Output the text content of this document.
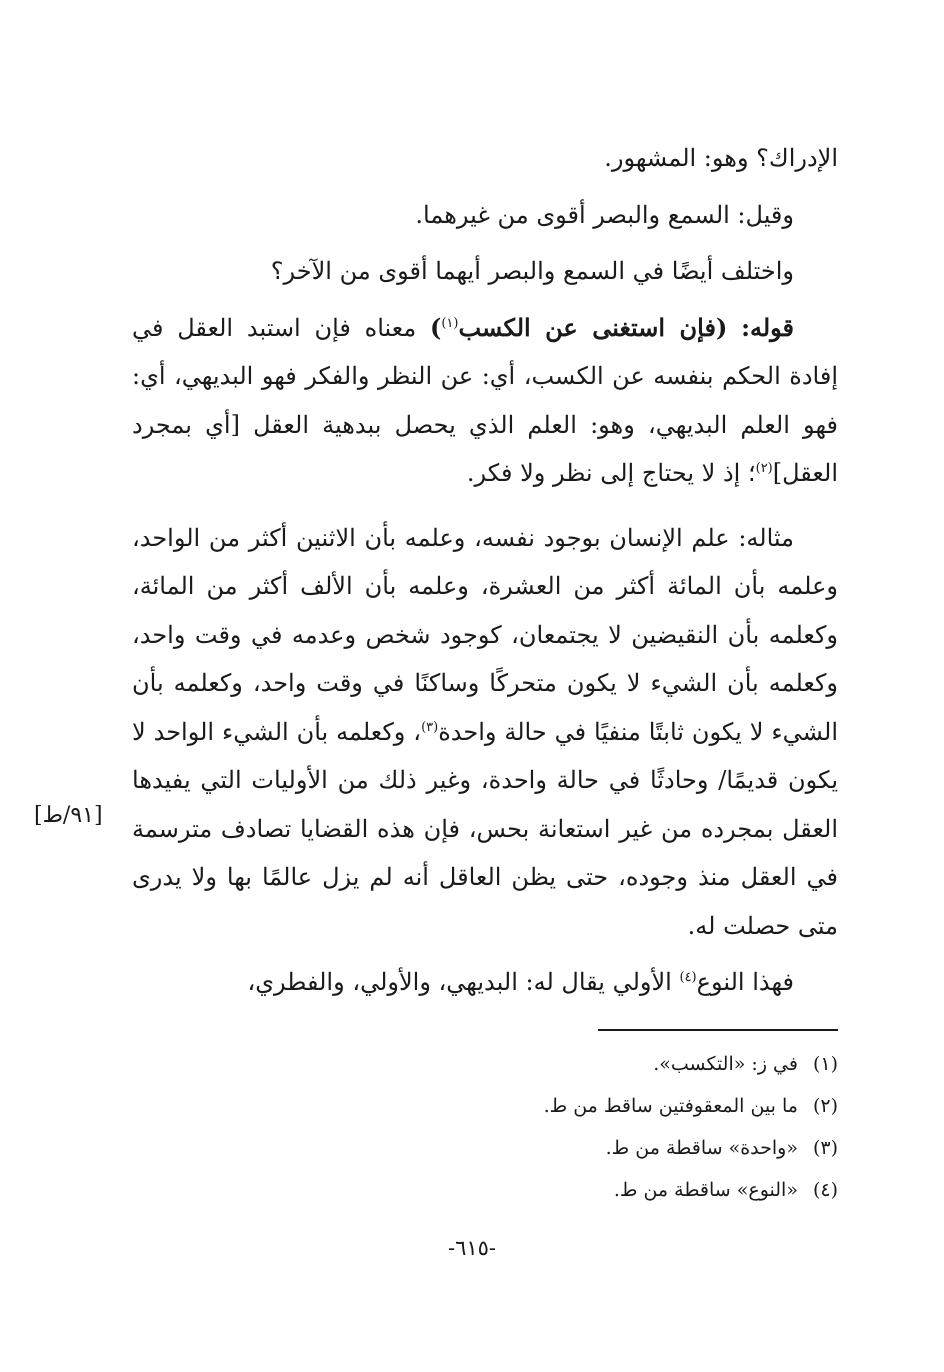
الإدراك؟ وهو: المشهور.

وقيل: السمع والبصر أقوى من غيرهما.

واختلف أيضًا في السمع والبصر أيهما أقوى من الآخر؟

قوله: (فإن استغنى عن الكسب$^{(١)}$) معناه فإن استبد العقل في إفادة الحكم بنفسه عن الكسب، أي: عن النظر والفكر فهو البديهي، أي: فهو العلم البديهي، وهو: العلم الذي يحصل ببدهية العقل [أي بمجرد العقل]$^{(٢)}$؛ إذ لا يحتاج إلى نظر ولا فكر.

مثاله: علم الإنسان بوجود نفسه، وعلمه بأن الاثنين أكثر من الواحد، وعلمه بأن المائة أكثر من العشرة، وعلمه بأن الألف أكثر من المائة، وكعلمه بأن النقيضين لا يجتمعان، كوجود شخص وعدمه في وقت واحد، وكعلمه بأن الشيء لا يكون متحركًا وساكنًا في وقت واحد، وكعلمه بأن الشيء لا يكون ثابتًا منفيًا في حالة واحدة$^{(٣)}$، وكعلمه بأن الشيء الواحد لا يكون قديمًا/ وحادثًا في حالة واحدة، وغير ذلك من الأوليات التي يفيدها العقل بمجرده من غير استعانة بحس، فإن هذه القضايا تصادف مترسمة في العقل منذ وجوده، حتى يظن العاقل أنه لم يزل عالمًا بها ولا يدرى متى حصلت له.

فهذا النوع$^{(٤)}$ الأولي يقال له: البديهي، والأولي، والفطري،

[٩١/ط]
(١) في ز: «التكسب».
(٢) ما بين المعقوفتين ساقط من ط.
(٣) «واحدة» ساقطة من ط.
(٤) «النوع» ساقطة من ط.
-٦١٥-
